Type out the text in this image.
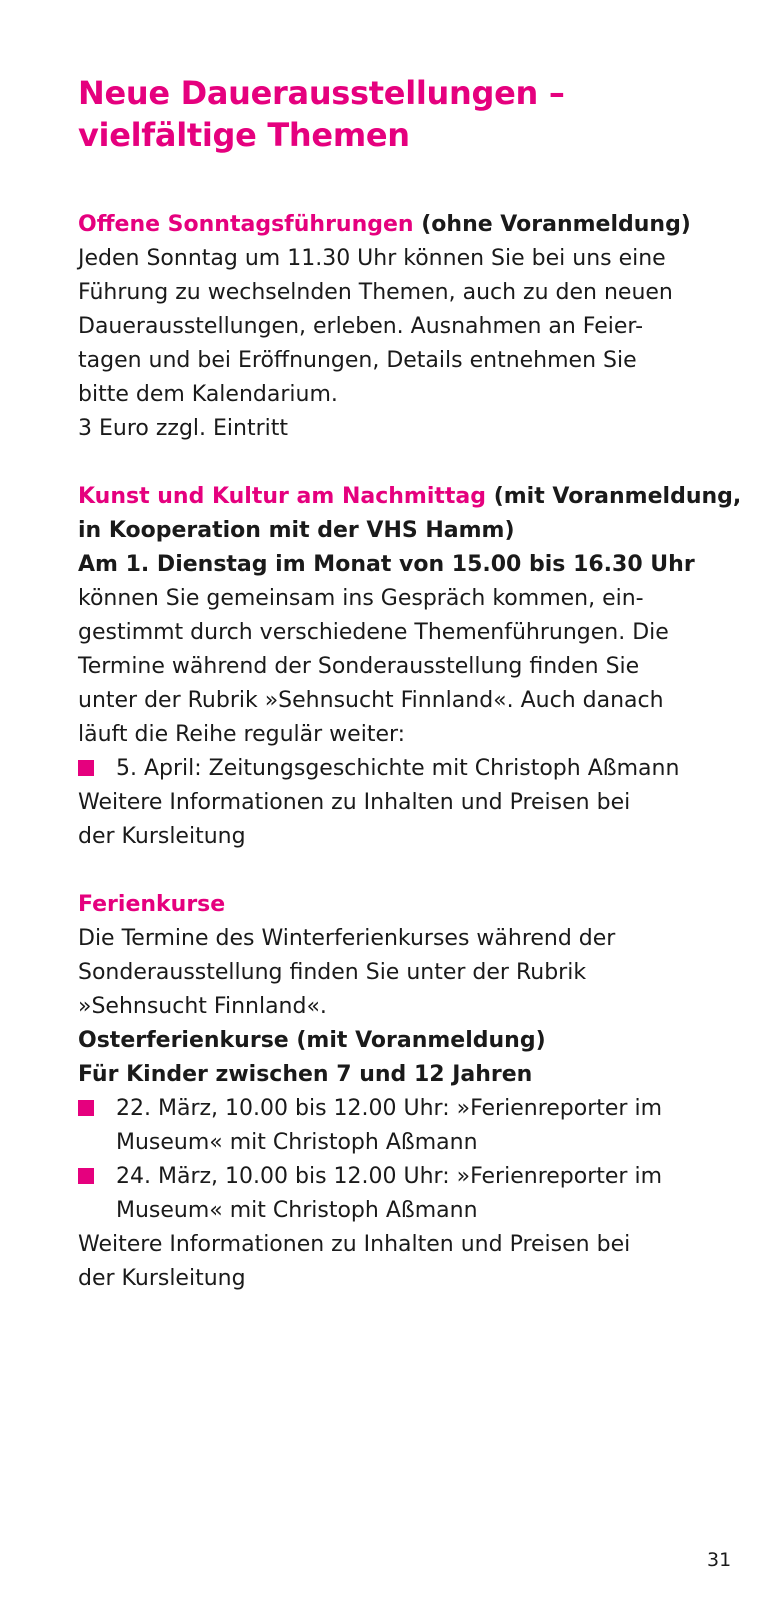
Neue Dauerausstellungen –
vielfältige Themen

Offene Sonntagsführungen (ohne Voranmeldung)

Jeden Sonntag um 11.30 Uhr können Sie bei uns eine

Führung zu wechselnden Themen, auch zu den neuen

Dauerausstellungen, erleben. Ausnahmen an Feier-

tagen und bei Eröffnungen, Details entnehmen Sie

bitte dem Kalendarium.

3 Euro zzgl. Eintritt

Kunst und Kultur am Nachmittag (mit Voranmeldung,

in Kooperation mit der VHS Hamm)

Am 1. Dienstag im Monat von 15.00 bis 16.30 Uhr

können Sie gemeinsam ins Gespräch kommen, ein-

gestimmt durch verschiedene Themenführungen. Die

Termine während der Sonderausstellung finden Sie

unter der Rubrik »Sehnsucht Finnland«. Auch danach

läuft die Reihe regulär weiter:

5. April: Zeitungsgeschichte mit Christoph Aßmann

Weitere Informationen zu Inhalten und Preisen bei

der Kursleitung

Ferienkurse

Die Termine des Winterferienkurses während der

Sonderausstellung finden Sie unter der Rubrik

»Sehnsucht Finnland«.

Osterferienkurse (mit Voranmeldung)

Für Kinder zwischen 7 und 12 Jahren

22. März, 10.00 bis 12.00 Uhr: »Ferienreporter im

Museum« mit Christoph Aßmann

24. März, 10.00 bis 12.00 Uhr: »Ferienreporter im

Museum« mit Christoph Aßmann

Weitere Informationen zu Inhalten und Preisen bei

der Kursleitung

31
